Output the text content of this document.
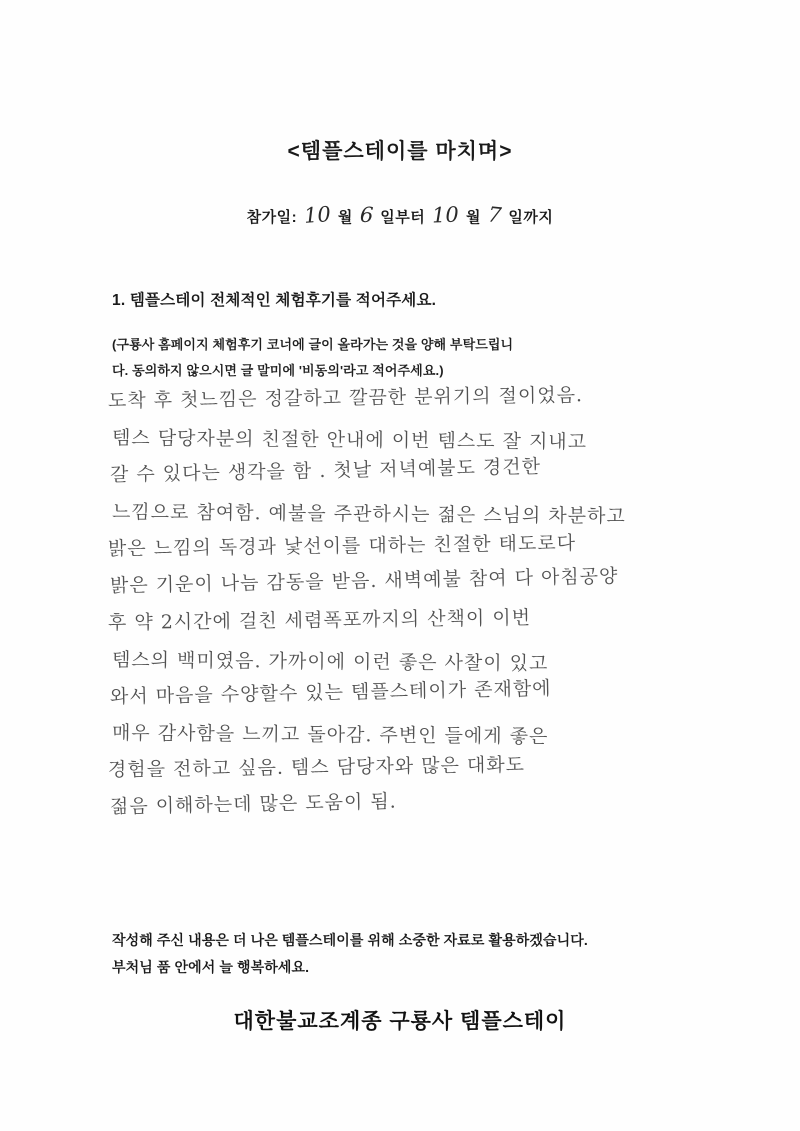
<템플스테이를 마치며>
참가일: 10 월 6 일부터 10 월 7 일까지
1. 템플스테이 전체적인 체험후기를 적어주세요.
(구룡사 홈페이지 체험후기 코너에 글이 올라가는 것을 양해 부탁드립니
다. 동의하지 않으시면 글 말미에 '비동의'라고 적어주세요.)
도착 후 첫느낌은 정갈하고 깔끔한 분위기의 절이었음.
템스 담당자분의 친절한 안내에 이번 템스도 잘 지내고
갈 수 있다는 생각을 함 . 첫날 저녁예불도 경건한
느낌으로 참여함. 예불을 주관하시는 젊은 스님의 차분하고
밝은 느낌의 독경과 낯선이를 대하는 친절한 태도로다
밝은 기운이 나늠 감동을 받음. 새벽예불 참여 다 아침공양
후 약 2시간에 걸친 세렴폭포까지의 산책이 이번
템스의 백미였음. 가까이에 이런 좋은 사찰이 있고
와서 마음을 수양할수 있는 템플스테이가 존재함에
매우 감사함을 느끼고 돌아감. 주변인 들에게 좋은
경험을 전하고 싶음. 템스 담당자와 많은 대화도
젊음 이해하는데 많은 도움이 됨.
작성해 주신 내용은 더 나은 템플스테이를 위해 소중한 자료로 활용하겠습니다.
부처님 품 안에서 늘 행복하세요.
대한불교조계종 구룡사 템플스테이
